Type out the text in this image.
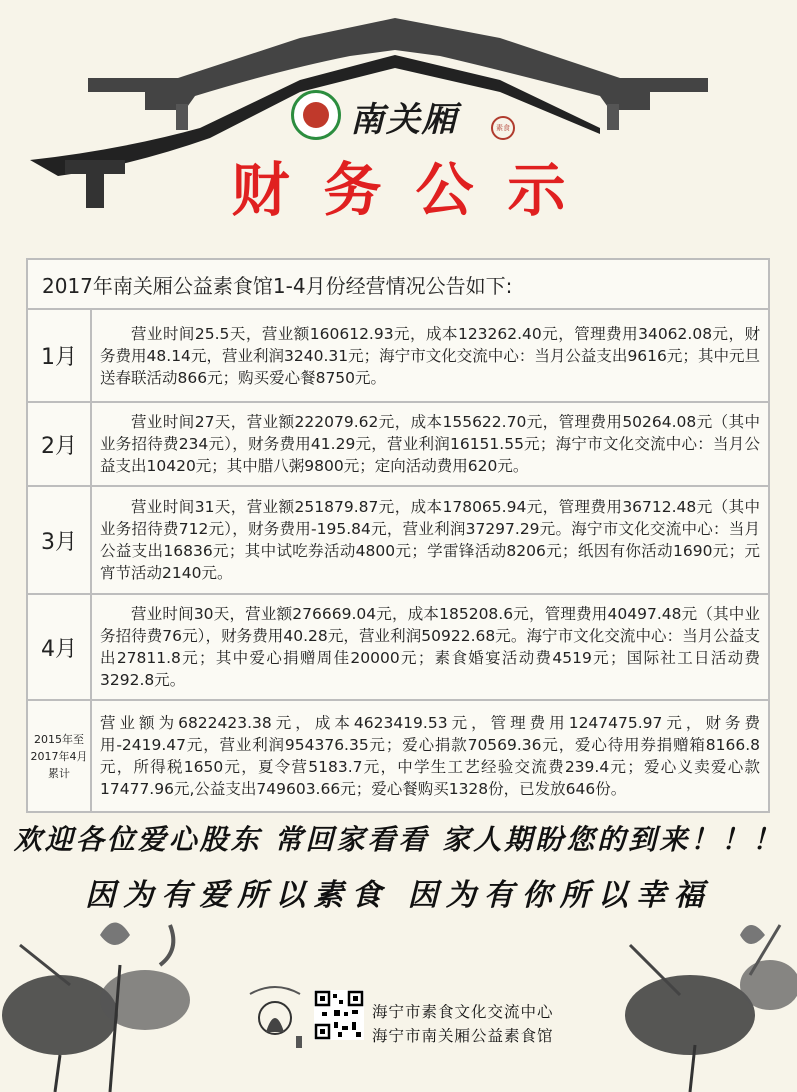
南关厢	素食
财务公示
2017年南关厢公益素食馆1-4月份经营情况公告如下:	
1月	营业时间25.5天，营业额160612.93元，成本123262.40元，管理费用34062.08元，财务费用48.14元，营业利润3240.31元；海宁市文化交流中心：当月公益支出9616元；其中元旦送春联活动866元；购买爱心餐8750元。
2月	营业时间27天，营业额222079.62元，成本155622.70元，管理费用50264.08元（其中业务招待费234元），财务费用41.29元，营业利润16151.55元；海宁市文化交流中心：当月公益支出10420元；其中腊八粥9800元；定向活动费用620元。
3月	营业时间31天，营业额251879.87元，成本178065.94元，管理费用36712.48元（其中业务招待费712元），财务费用-195.84元，营业利润37297.29元。海宁市文化交流中心：当月公益支出16836元；其中试吃券活动4800元；学雷锋活动8206元；纸因有你活动1690元；元宵节活动2140元。
4月	营业时间30天，营业额276669.04元，成本185208.6元，管理费用40497.48元（其中业务招待费76元），财务费用40.28元，营业利润50922.68元。海宁市文化交流中心：当月公益支出27811.8元；其中爱心捐赠周佳20000元；素食婚宴活动费4519元；国际社工日活动费3292.8元。

2015年至
2017年4月
累计	营业额为6822423.38元，成本4623419.53元，管理费用1247475.97元，财务费用-2419.47元，营业利润954376.35元；爱心捐款70569.36元，爱心待用券捐赠箱8166.8元，所得税1650元，夏令营5183.7元，中学生工艺经验交流费239.4元；爱心义卖爱心款17477.96元,公益支出749603.66元；爱心餐购买1328份，已发放646份。
欢迎各位爱心股东 常回家看看 家人期盼您的到来！！！
因为有爱所以素食 因为有你所以幸福
海宁市素食文化交流中心
海宁市南关厢公益素食馆
